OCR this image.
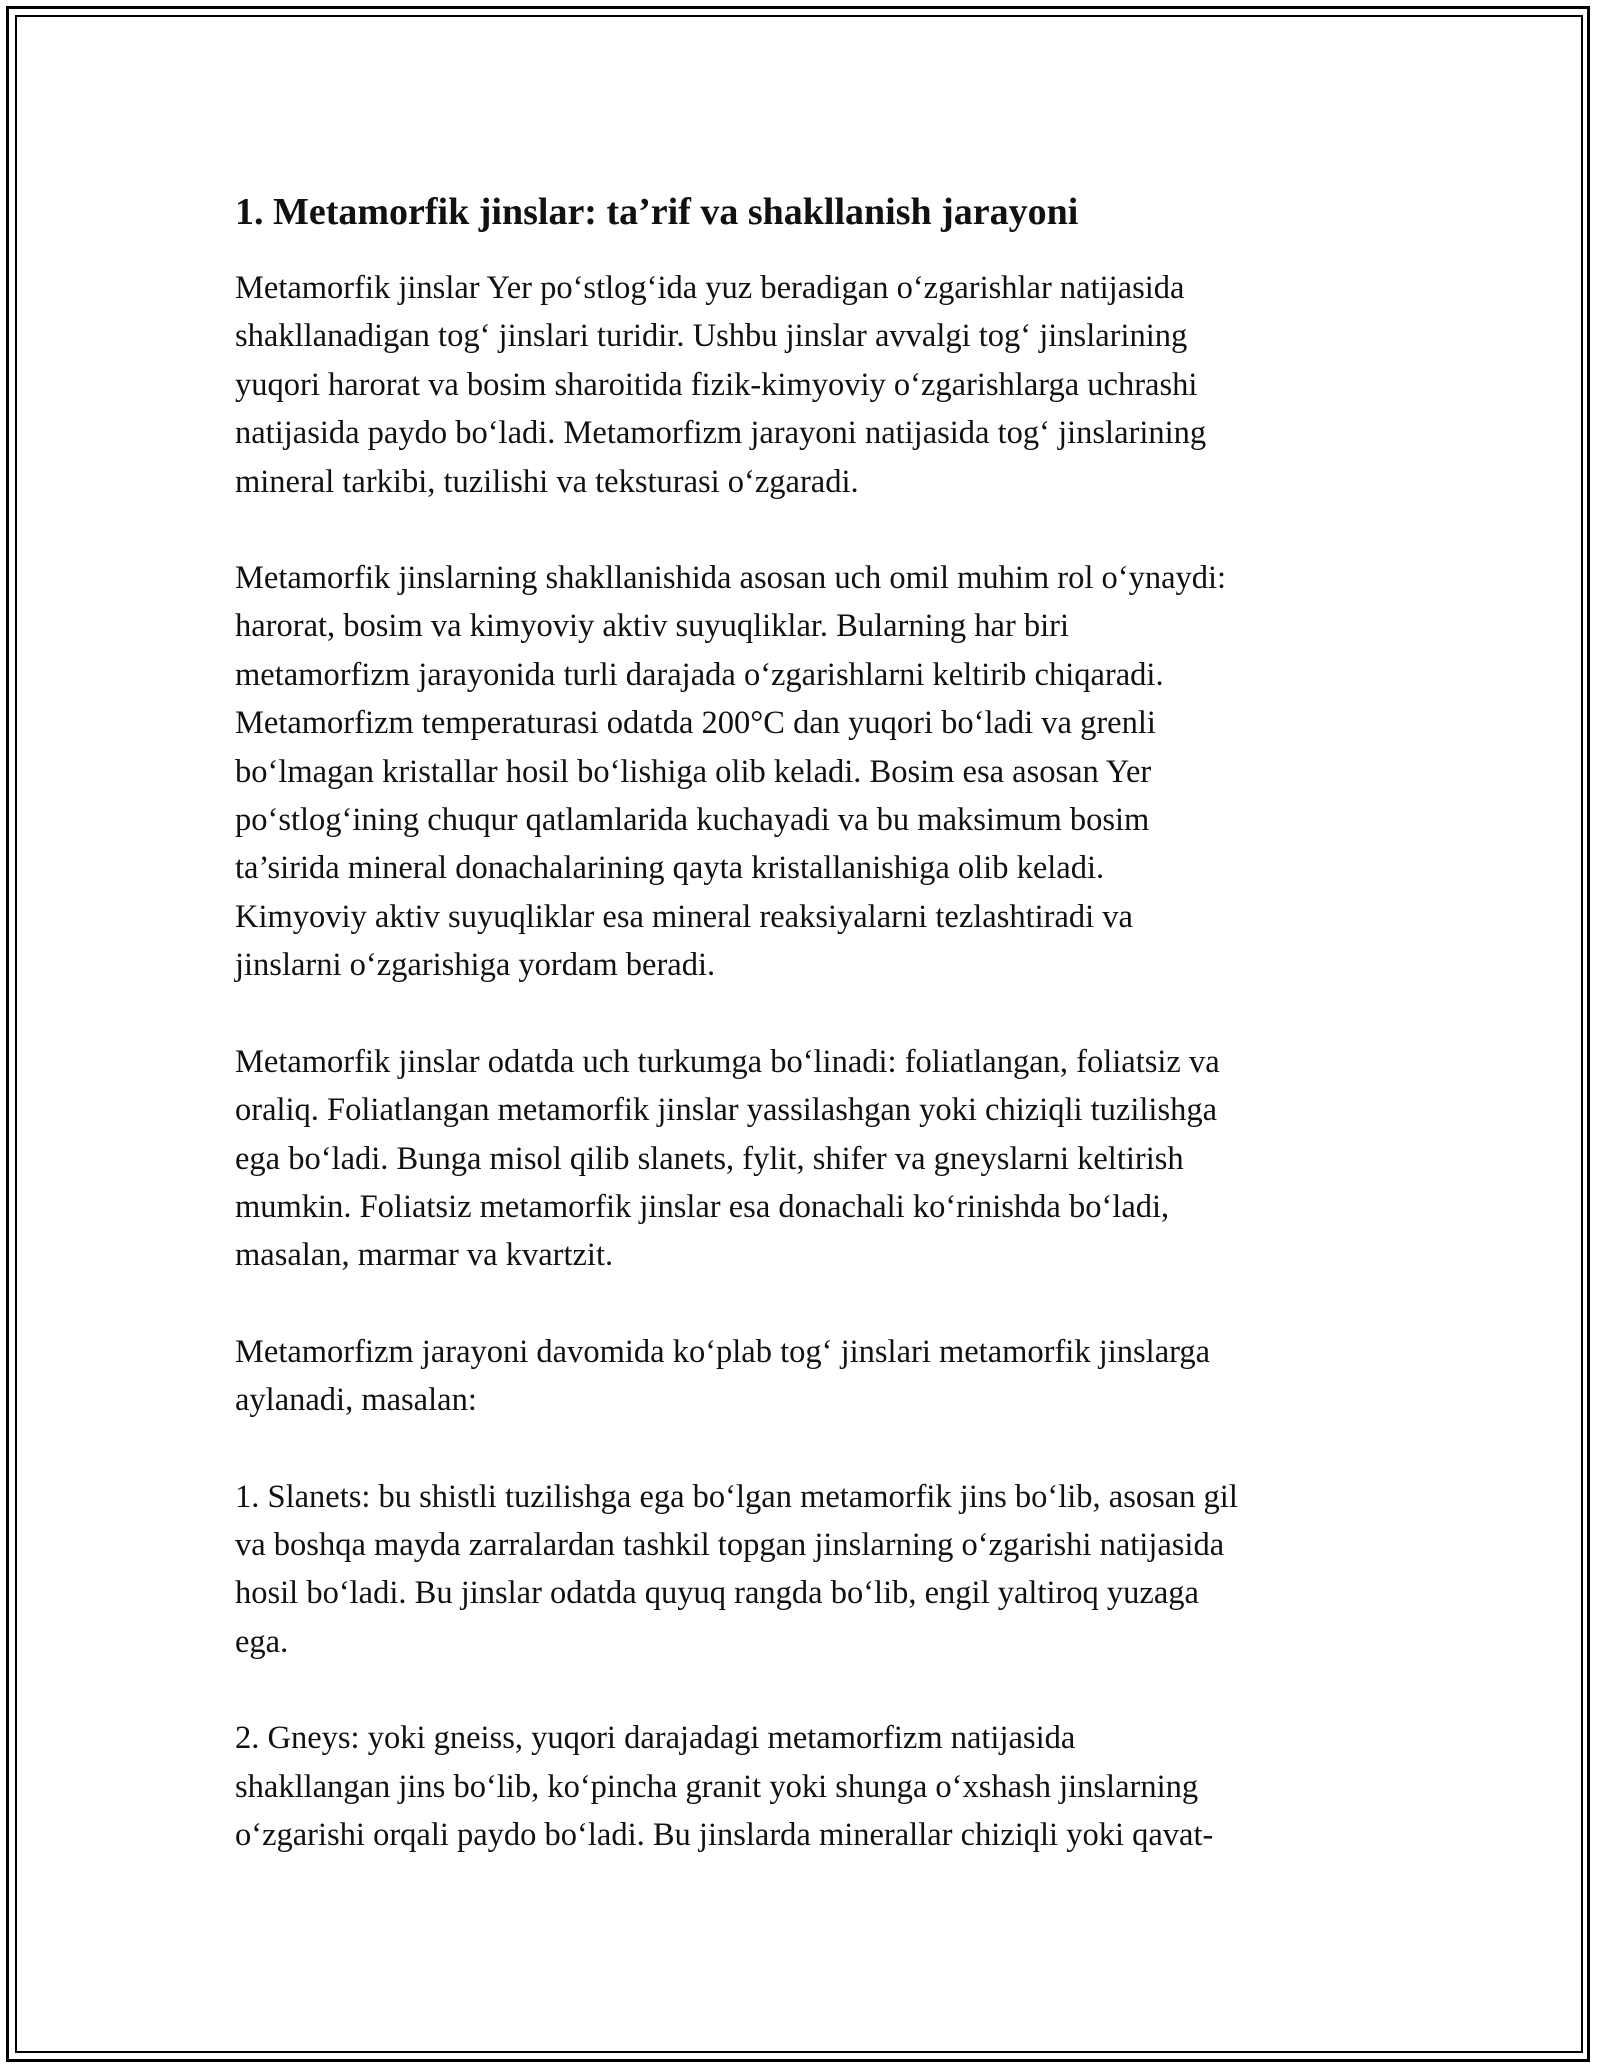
1. Metamorfik jinslar: ta’rif va shakllanish jarayoni

Metamorfik jinslar Yer po‘stlog‘ida yuz beradigan o‘zgarishlar natijasida
shakllanadigan tog‘ jinslari turidir. Ushbu jinslar avvalgi tog‘ jinslarining
yuqori harorat va bosim sharoitida fizik-kimyoviy o‘zgarishlarga uchrashi
natijasida paydo bo‘ladi. Metamorfizm jarayoni natijasida tog‘ jinslarining
mineral tarkibi, tuzilishi va teksturasi o‘zgaradi.

Metamorfik jinslarning shakllanishida asosan uch omil muhim rol o‘ynaydi:
harorat, bosim va kimyoviy aktiv suyuqliklar. Bularning har biri
metamorfizm jarayonida turli darajada o‘zgarishlarni keltirib chiqaradi.
Metamorfizm temperaturasi odatda 200°C dan yuqori bo‘ladi va grenli
bo‘lmagan kristallar hosil bo‘lishiga olib keladi. Bosim esa asosan Yer
po‘stlog‘ining chuqur qatlamlarida kuchayadi va bu maksimum bosim
ta’sirida mineral donachalarining qayta kristallanishiga olib keladi.
Kimyoviy aktiv suyuqliklar esa mineral reaksiyalarni tezlashtiradi va
jinslarni o‘zgarishiga yordam beradi.

Metamorfik jinslar odatda uch turkumga bo‘linadi: foliatlangan, foliatsiz va
oraliq. Foliatlangan metamorfik jinslar yassilashgan yoki chiziqli tuzilishga
ega bo‘ladi. Bunga misol qilib slanets, fylit, shifer va gneyslarni keltirish
mumkin. Foliatsiz metamorfik jinslar esa donachali ko‘rinishda bo‘ladi,
masalan, marmar va kvartzit.

Metamorfizm jarayoni davomida ko‘plab tog‘ jinslari metamorfik jinslarga
aylanadi, masalan:

1. Slanets: bu shistli tuzilishga ega bo‘lgan metamorfik jins bo‘lib, asosan gil
va boshqa mayda zarralardan tashkil topgan jinslarning o‘zgarishi natijasida
hosil bo‘ladi. Bu jinslar odatda quyuq rangda bo‘lib, engil yaltiroq yuzaga
ega.

2. Gneys: yoki gneiss, yuqori darajadagi metamorfizm natijasida
shakllangan jins bo‘lib, ko‘pincha granit yoki shunga o‘xshash jinslarning
o‘zgarishi orqali paydo bo‘ladi. Bu jinslarda minerallar chiziqli yoki qavat-
